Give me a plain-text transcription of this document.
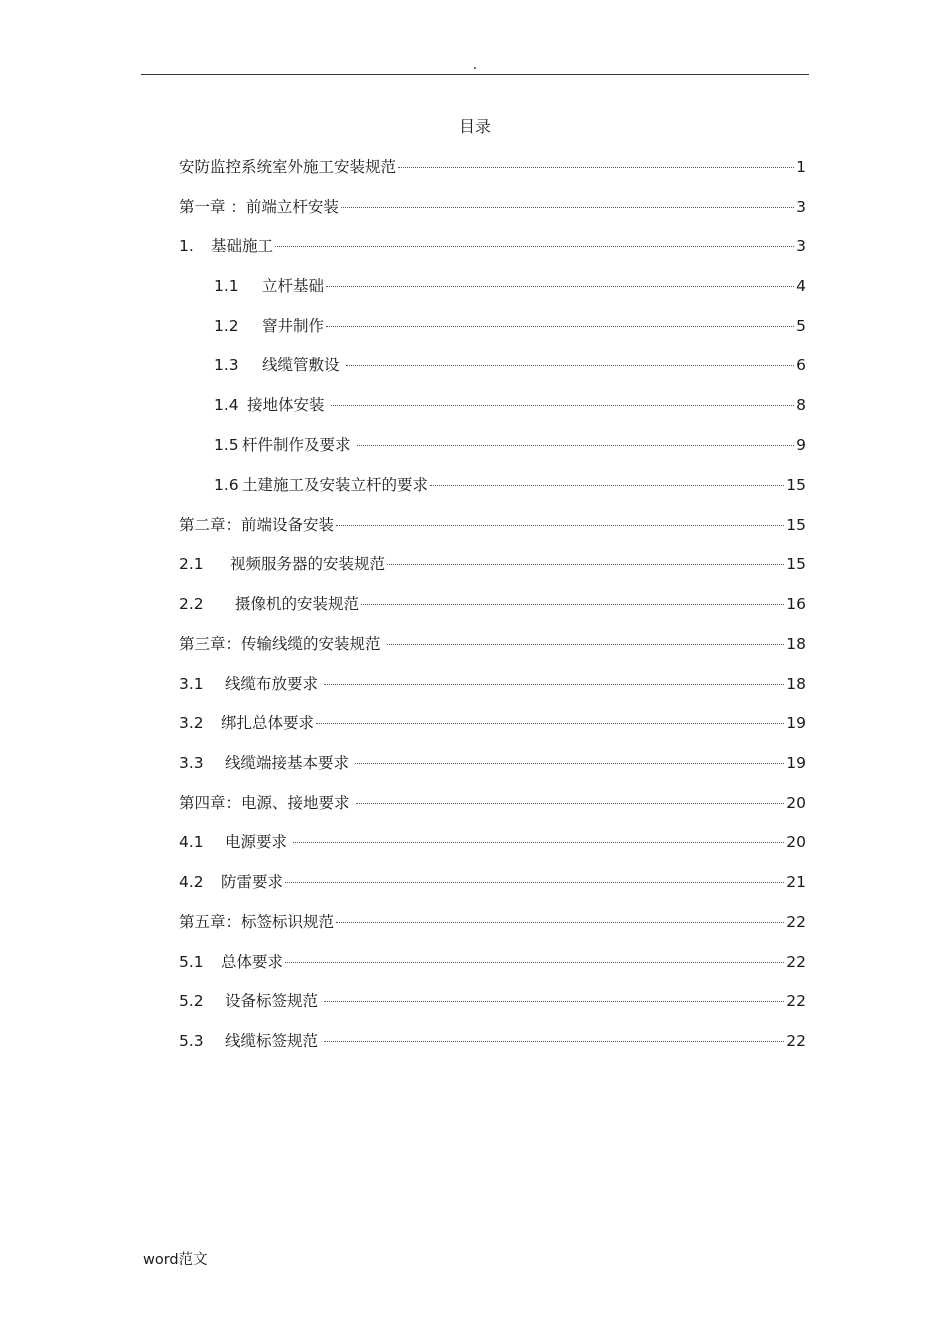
.
目录
安防监控系统室外施工安装规范	1
第一章 ：前端立杆安装	3
1.	基础施工	3
1.1	立杆基础	4
1.2	窨井制作	5
1.3	线缆管敷设	6
1.4 接地体安装	8
1.5 杆件制作及要求	9
1.6 土建施工及安装立杆的要求	15
第二章：前端设备安装	15
2.1	视频服务器的安装规范	15
2.2	摄像机的安装规范	16
第三章：传输线缆的安装规范	18
3.1	线缆布放要求	18
3.2	绑扎总体要求	19
3.3	线缆端接基本要求	19
第四章：电源、接地要求	20
4.1	电源要求	20
4.2	防雷要求	21
第五章：标签标识规范	22
5.1	总体要求	22
5.2	设备标签规范	22
5.3	线缆标签规范	22
word范文
